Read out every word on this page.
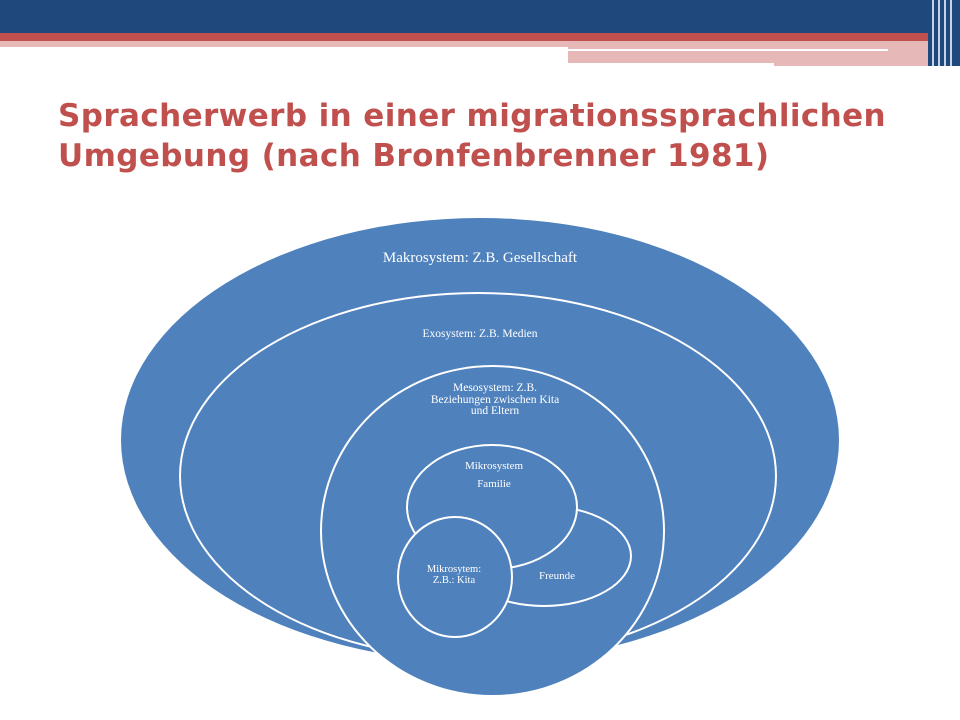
Spracherwerb in einer migrationssprachlichen
Umgebung (nach Bronfenbrenner 1981)
Makrosystem: Z.B. Gesellschaft
Exosystem: Z.B. Medien
Mesosystem: Z.B.
Beziehungen zwischen Kita
und Eltern
Mikrosystem
Familie
Freunde
Mikrosytem:
Z.B.: Kita
